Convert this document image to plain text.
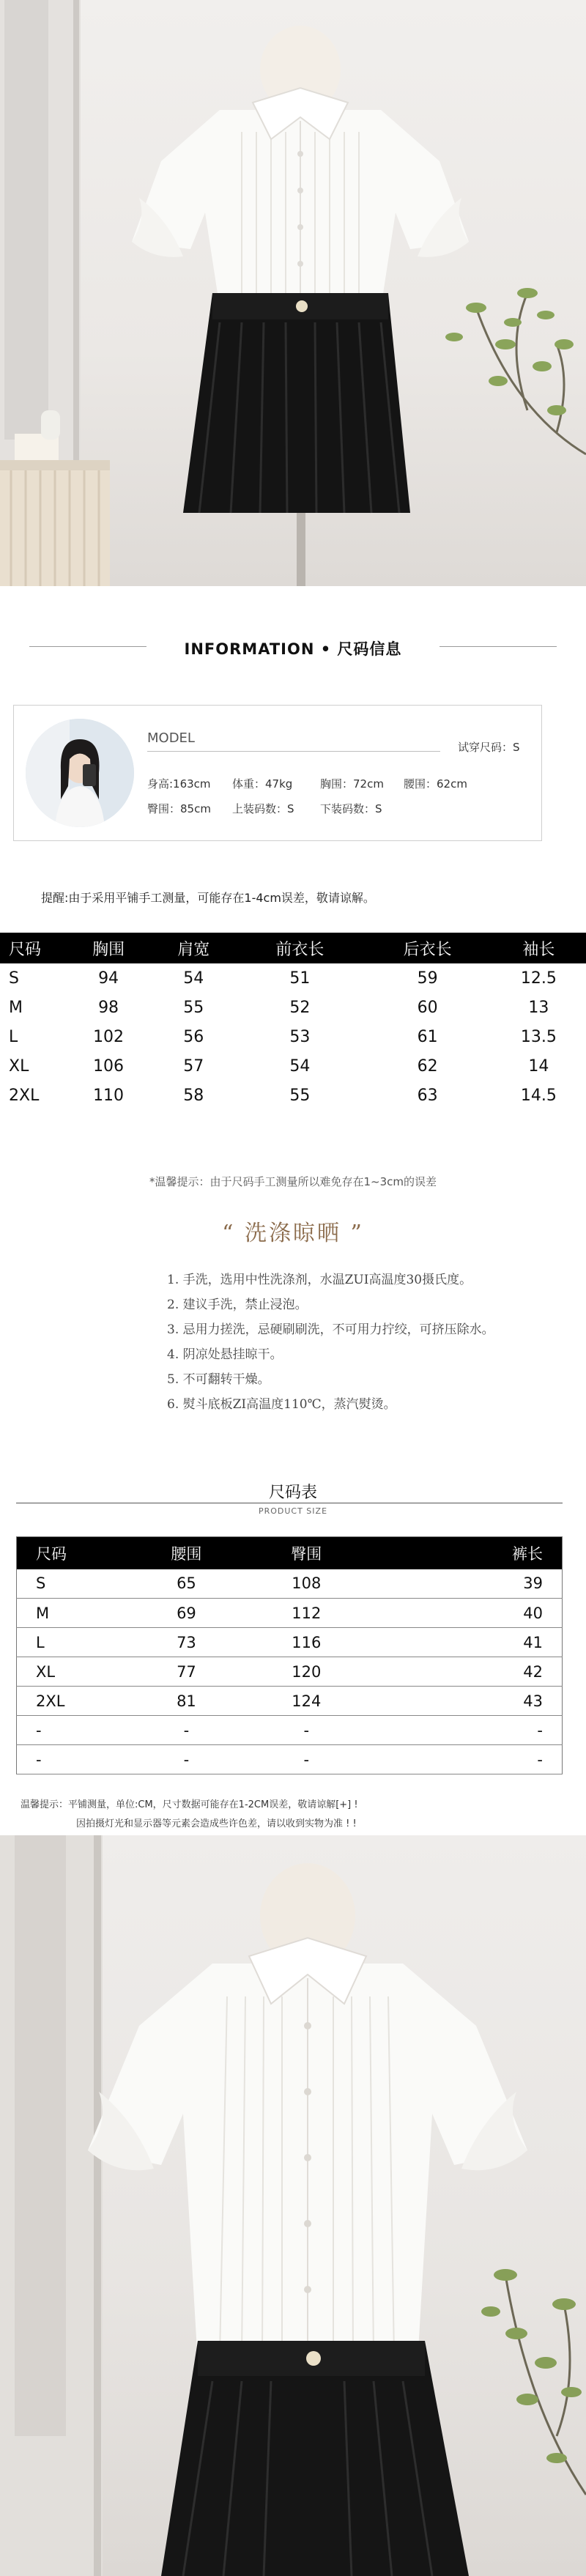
INFORMATION • 尺码信息
MODEL
试穿尺码：S
身高:163cm 体重：47kg	胸围：72cm 腰围：62cm
臀围：85cm 上装码数：S 下装码数：S
提醒:由于采用平铺手工测量，可能存在1-4cm误差，敬请谅解。
尺码	胸围	肩宽	前衣长	后衣长	袖长
S	94	54	51	59	12.5
M	98	55	52	60	13
L	102	56	53	61	13.5
XL	106	57	54	62	14
2XL	110	58	55	63	14.5
*温馨提示：由于尺码手工测量所以难免存在1~3cm的误差
“ 洗涤晾晒 ”
1. 手洗，选用中性洗涤剂，水温ZUI高温度30摄氏度。
2. 建议手洗，禁止浸泡。
3. 忌用力搓洗，忌硬刷刷洗，不可用力拧绞，可挤压除水。
4. 阴凉处悬挂晾干。
5. 不可翻转干燥。
6. 熨斗底板ZI高温度110℃，蒸汽熨烫。
尺码表
PRODUCT SIZE
尺码	腰围	臀围	裤长
S	65	108	39
M	69	112	40
L	73	116	41
XL	77	120	42
2XL	81	124	43
-	-	-	-
-	-	-	-
温馨提示：平铺测量，单位:CM，尺寸数据可能存在1-2CM误差，敬请谅解[+] !
因拍摄灯光和显示器等元素会造成些许色差，请以收到实物为准 ! !
